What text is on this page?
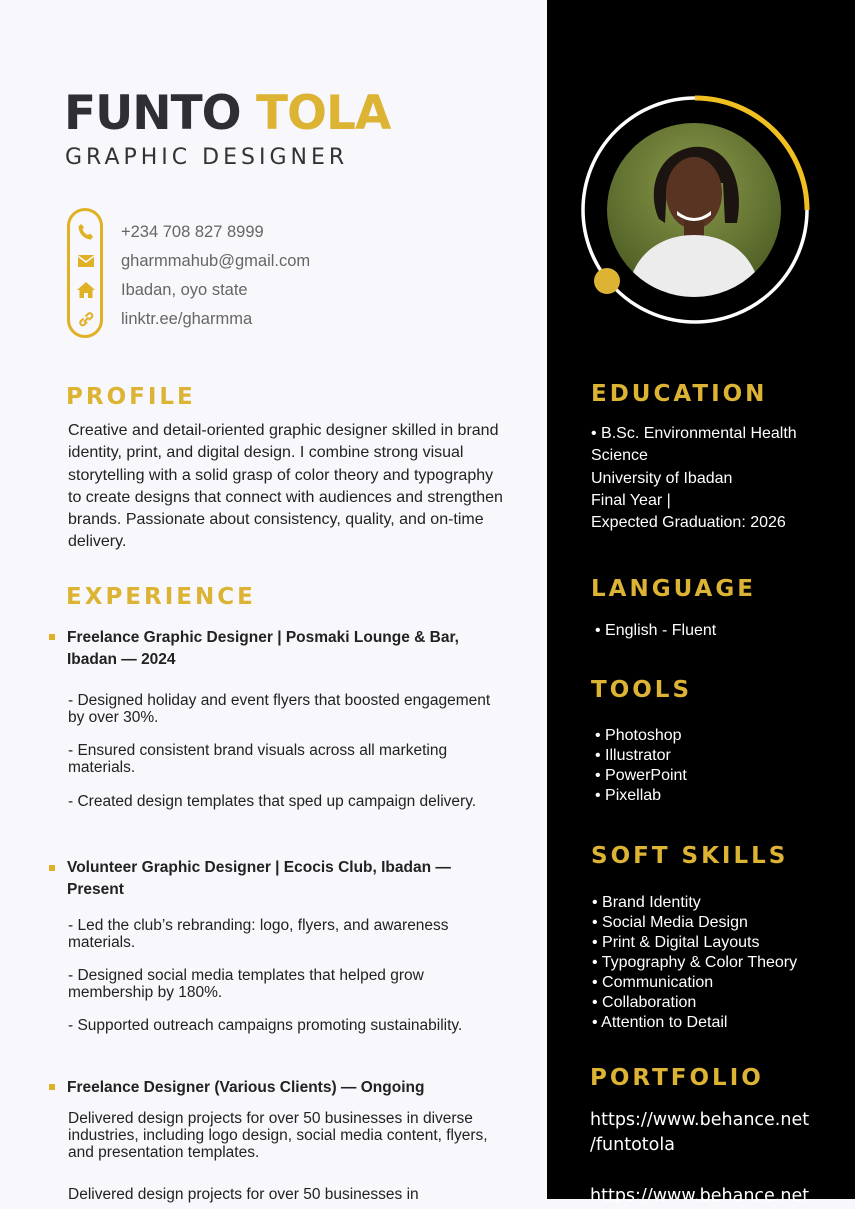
FUNTO TOLA
GRAPHIC DESIGNER
+234 708 827 8999
gharmmahub@gmail.com
Ibadan, oyo state
linktr.ee/gharmma
PROFILE
Creative and detail-oriented graphic designer skilled in brand identity, print, and digital design. I combine strong visual storytelling with a solid grasp of color theory and typography to create designs that connect with audiences and strengthen brands. Passionate about consistency, quality, and on-time delivery.
EXPERIENCE
Freelance Graphic Designer | Posmaki Lounge & Bar, Ibadan — 2024
- Designed holiday and event flyers that boosted engagement by over 30%.
- Ensured consistent brand visuals across all marketing materials.
- Created design templates that sped up campaign delivery.
Volunteer Graphic Designer | Ecocis Club, Ibadan — Present
- Led the club’s rebranding: logo, flyers, and awareness materials.
- Designed social media templates that helped grow membership by 180%.
- Supported outreach campaigns promoting sustainability.
Freelance Designer (Various Clients) — Ongoing
Delivered design projects for over 50 businesses in diverse industries, including logo design, social media content, flyers, and presentation templates.
Delivered design projects for over 50 businesses in
EDUCATION
• B.Sc. Environmental Health Science
University of Ibadan
Final Year |
Expected Graduation: 2026
LANGUAGE
• English - Fluent
TOOLS
• Photoshop
• Illustrator
• PowerPoint
• Pixellab
SOFT SKILLS
• Brand Identity
• Social Media Design
• Print & Digital Layouts
• Typography & Color Theory
• Communication
• Collaboration
• Attention to Detail
PORTFOLIO
https://www.behance.net
/funtotola
https://www.behance.net
